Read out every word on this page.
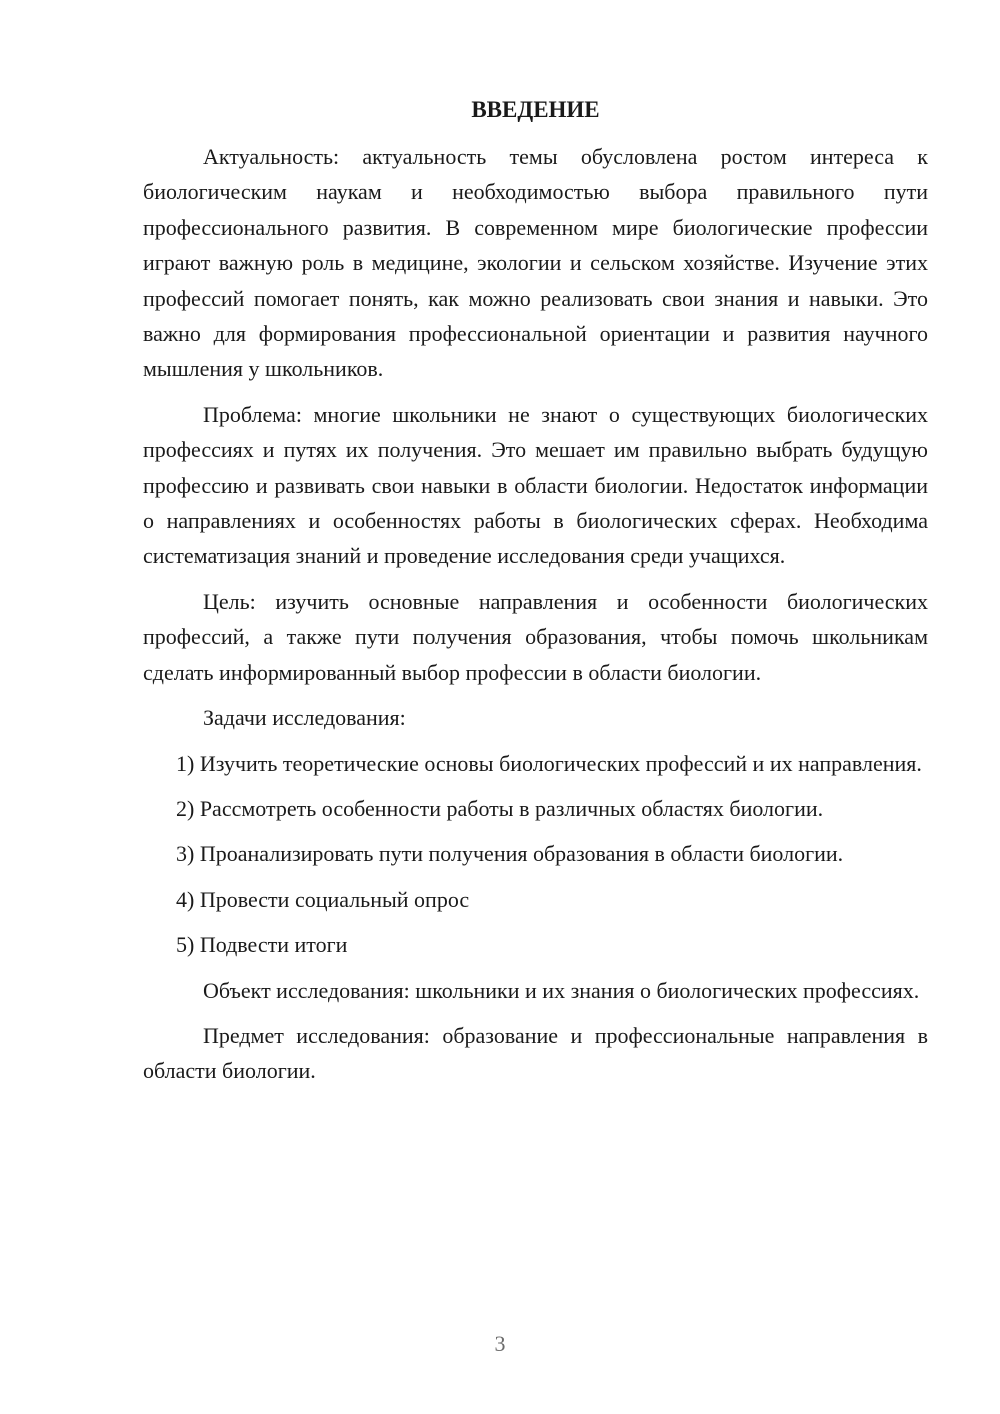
ВВЕДЕНИЕ

Актуальность: актуальность темы обусловлена ростом интереса к биологическим наукам и необходимостью выбора правильного пути профессионального развития. В современном мире биологические профессии играют важную роль в медицине, экологии и сельском хозяйстве. Изучение этих профессий помогает понять, как можно реализовать свои знания и навыки. Это важно для формирования профессиональной ориентации и развития научного мышления у школьников.

Проблема: многие школьники не знают о существующих биологических профессиях и путях их получения. Это мешает им правильно выбрать будущую профессию и развивать свои навыки в области биологии. Недостаток информации о направлениях и особенностях работы в биологических сферах. Необходима систематизация знаний и проведение исследования среди учащихся.

Цель: изучить основные направления и особенности биологических профессий, а также пути получения образования, чтобы помочь школьникам сделать информированный выбор профессии в области биологии.

Задачи исследования:

1) Изучить теоретические основы биологических профессий и их направления.

2) Рассмотреть особенности работы в различных областях биологии.

3) Проанализировать пути получения образования в области биологии.

4) Провести социальный опрос

5) Подвести итоги

Объект исследования: школьники и их знания о биологических профессиях.

Предмет исследования: образование и профессиональные направления в области биологии.

3
